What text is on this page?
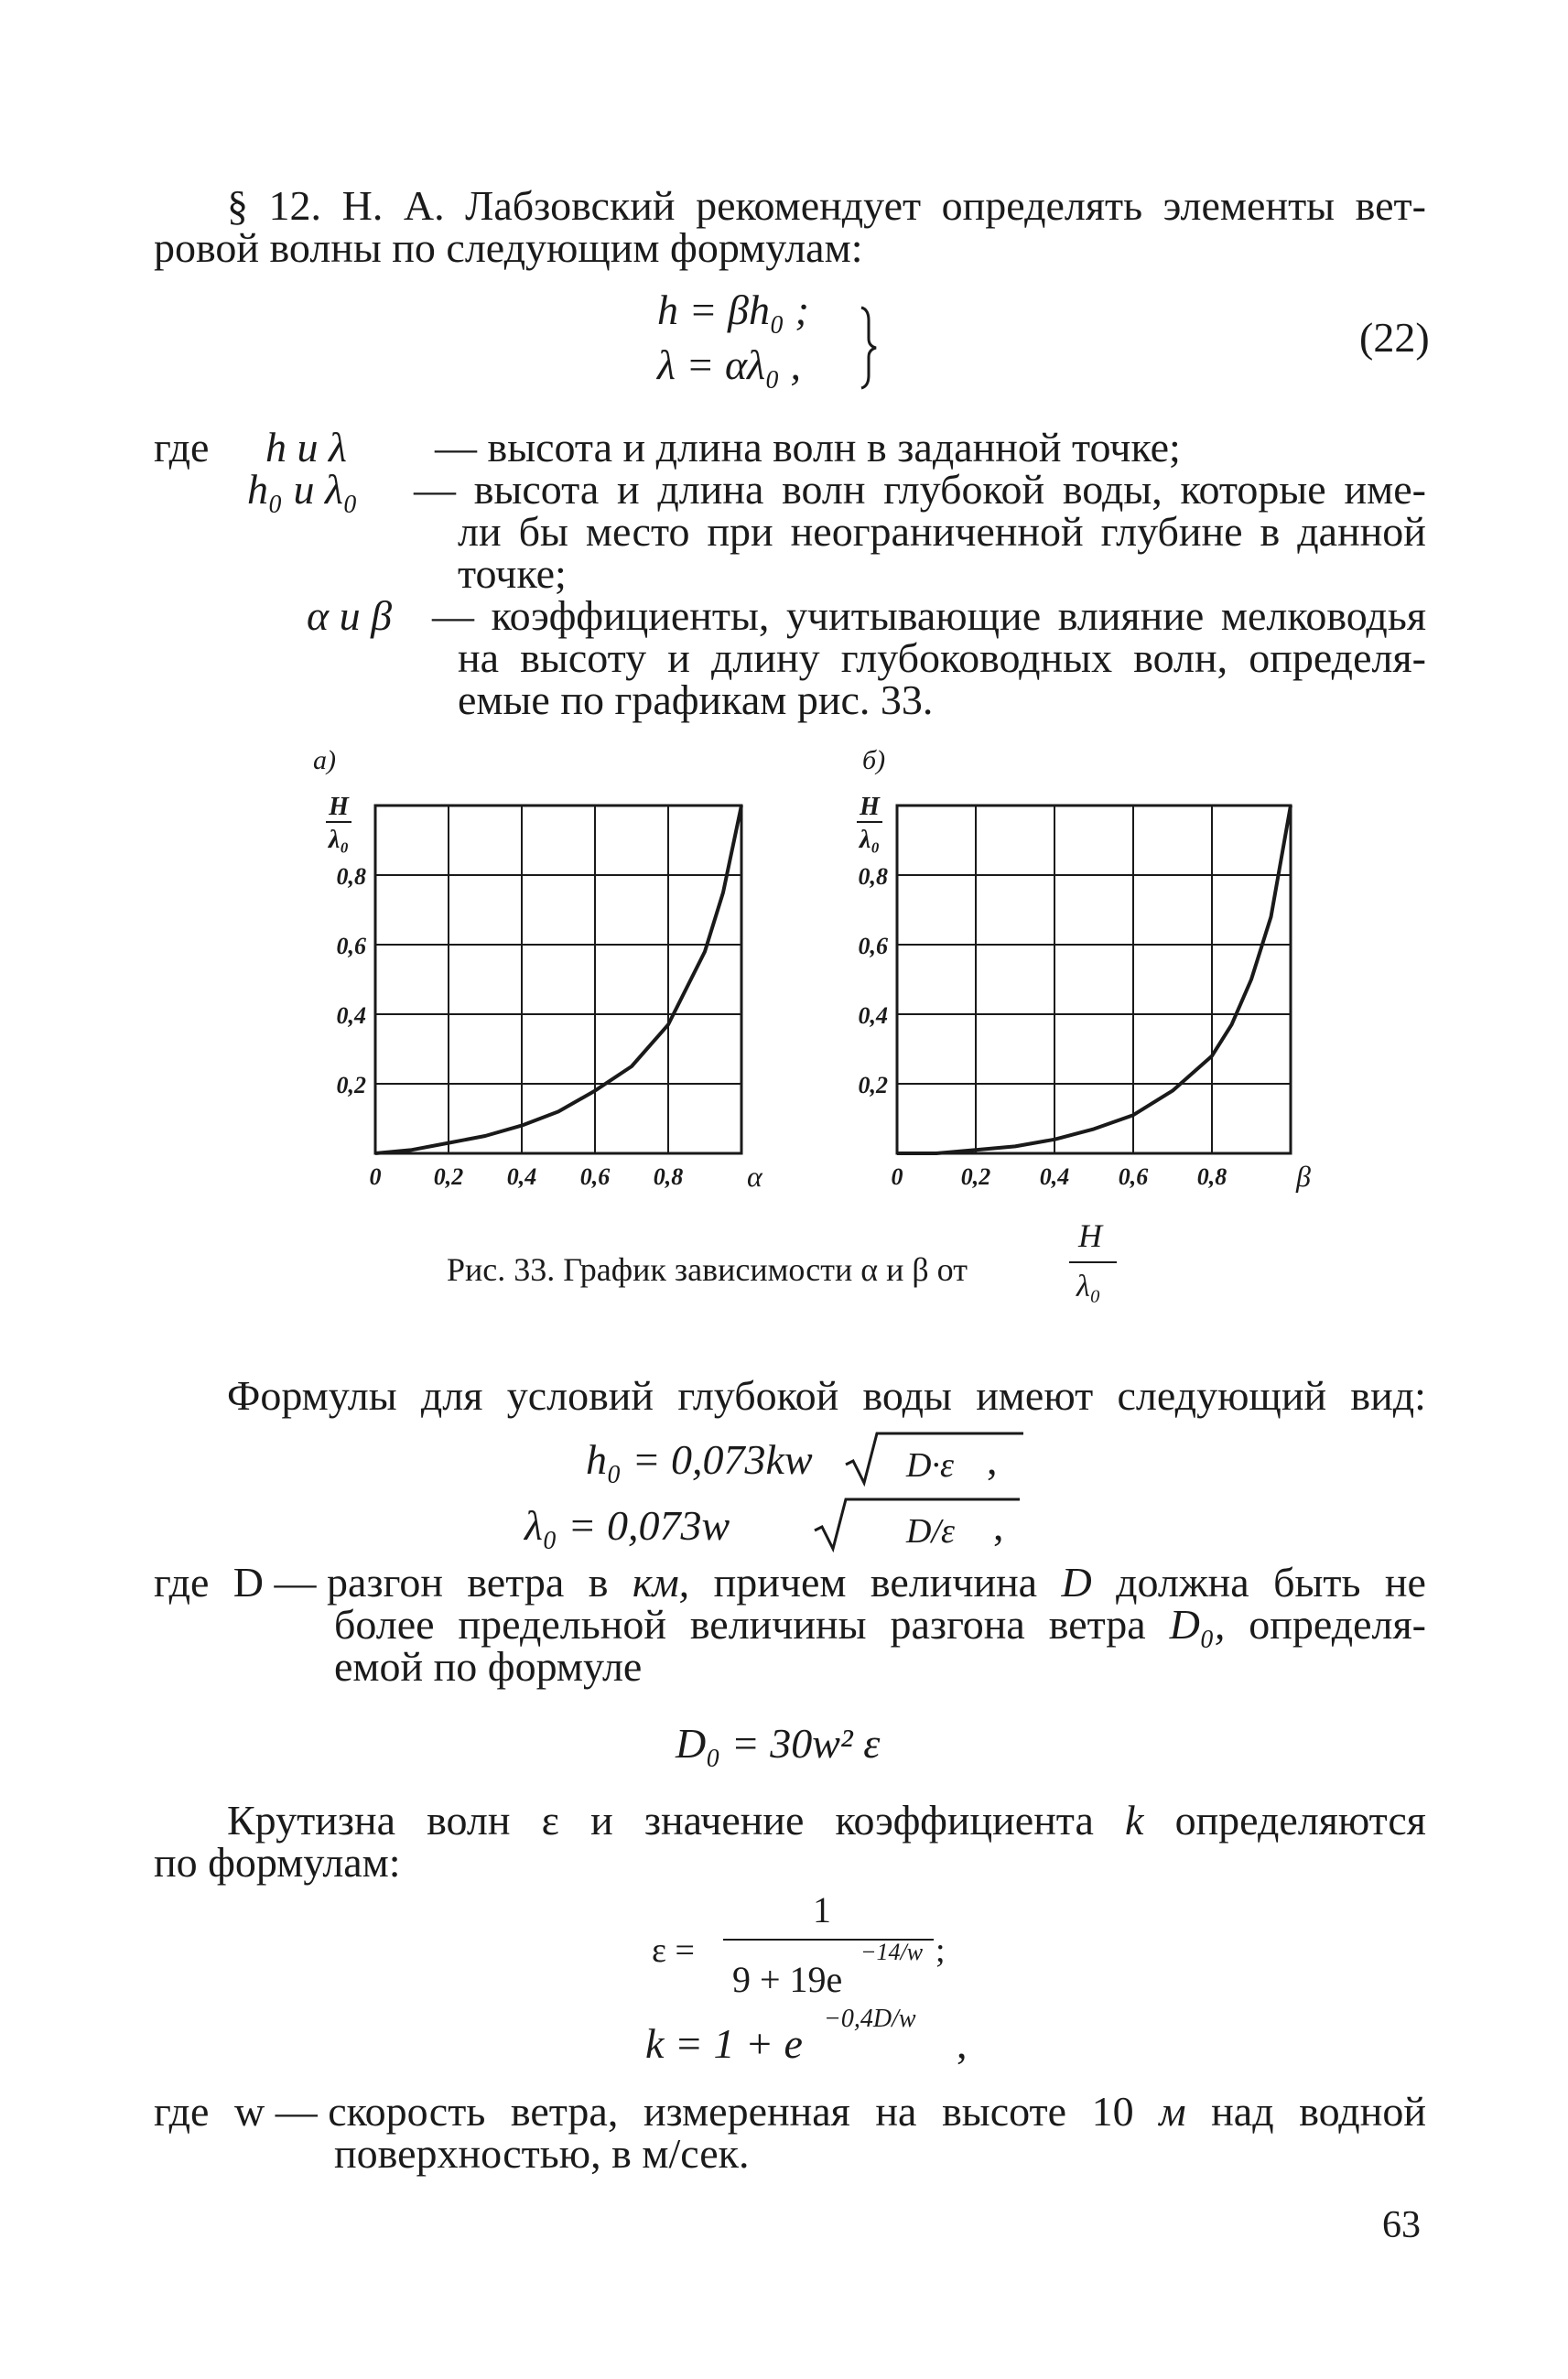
§ 12. Н. А. Лабзовский рекомендует определять элементы вет-
ровой волны по следующим формулам:
h = βh₀ ;
λ = αλ₀ ,
(22)
где h и λ — высота и длина волн в заданной точке;
h₀ и λ₀ — высота и длина волн глубокой воды, которые име-
ли бы место при неограниченной глубине в данной
точке;
α и β — коэффициенты, учитывающие влияние мелководья
на высоту и длину глубоководных волн, определя-
емые по графикам рис. 33.
а)
H
λ₀
0 0,2 0,4 0,6 0,8 α
0,2
0,4
0,6
0,8
б)
H
λ₀
0 0,2 0,4 0,6 0,8 β
0,2
0,4
0,6
0,8
Рис. 33. График зависимости α и β от
H
λ₀
Формулы для условий глубокой воды имеют следующий вид:
h₀ = 0,073kw	D·ε ,
λ₀ = 0,073w	D/ε ,
где D — разгон ветра в км, причем величина D должна быть не
более предельной величины разгона ветра D₀, определя-
емой по формуле
D₀ = 30w² ε
Крутизна волн ε и значение коэффициента k определяются
по формулам:
ε =
1
9 + 19e
−14/w ;
k = 1 + e
−0,4D/w
,
где w — скорость ветра, измеренная на высоте 10 м над водной
поверхностью, в м/сек.
63
